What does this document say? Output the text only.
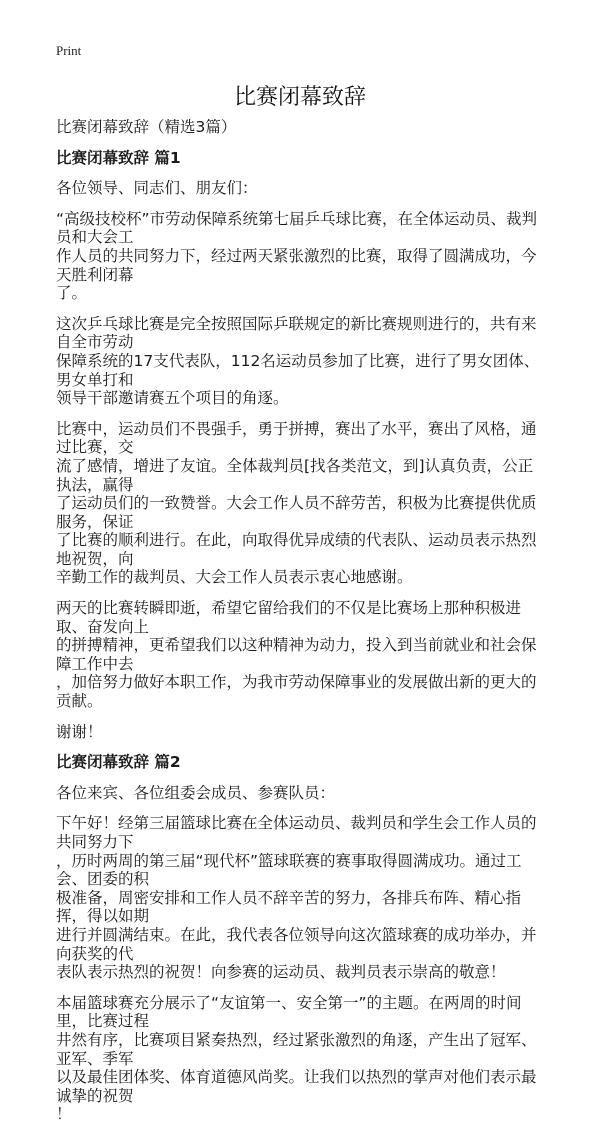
Print
比赛闭幕致辞
比赛闭幕致辞（精选3篇）
比赛闭幕致辞 篇1
各位领导、同志们、朋友们：
“高级技校杯”市劳动保障系统第七届乒乓球比赛，在全体运动员、裁判员和大会工
作人员的共同努力下，经过两天紧张激烈的比赛，取得了圆满成功，今天胜利闭幕
了。
这次乒乓球比赛是完全按照国际乒联规定的新比赛规则进行的，共有来自全市劳动
保障系统的17支代表队，112名运动员参加了比赛，进行了男女团体、男女单打和
领导干部邀请赛五个项目的角逐。
比赛中，运动员们不畏强手，勇于拼搏，赛出了水平，赛出了风格，通过比赛，交
流了感情，增进了友谊。全体裁判员[找各类范文，到]认真负责，公正执法，赢得
了运动员们的一致赞誉。大会工作人员不辞劳苦，积极为比赛提供优质服务，保证
了比赛的顺利进行。在此，向取得优异成绩的代表队、运动员表示热烈地祝贺，向
辛勤工作的裁判员、大会工作人员表示衷心地感谢。
两天的比赛转瞬即逝，希望它留给我们的不仅是比赛场上那种积极进取、奋发向上
的拼搏精神，更希望我们以这种精神为动力，投入到当前就业和社会保障工作中去
，加倍努力做好本职工作，为我市劳动保障事业的发展做出新的更大的贡献。
谢谢！
比赛闭幕致辞 篇2
各位来宾、各位组委会成员、参赛队员：
下午好！经第三届篮球比赛在全体运动员、裁判员和学生会工作人员的共同努力下
，历时两周的第三届“现代杯”篮球联赛的赛事取得圆满成功。通过工会、团委的积
极准备，周密安排和工作人员不辞辛苦的努力，各排兵布阵、精心指挥，得以如期
进行并圆满结束。在此，我代表各位领导向这次篮球赛的成功举办，并向获奖的代
表队表示热烈的祝贺！向参赛的运动员、裁判员表示崇高的敬意！
本届篮球赛充分展示了“友谊第一、安全第一”的主题。在两周的时间里，比赛过程
井然有序，比赛项目紧奏热烈，经过紧张激烈的角逐，产生出了冠军、亚军、季军
以及最佳团体奖、体育道德风尚奖。让我们以热烈的掌声对他们表示最诚挚的祝贺
！
